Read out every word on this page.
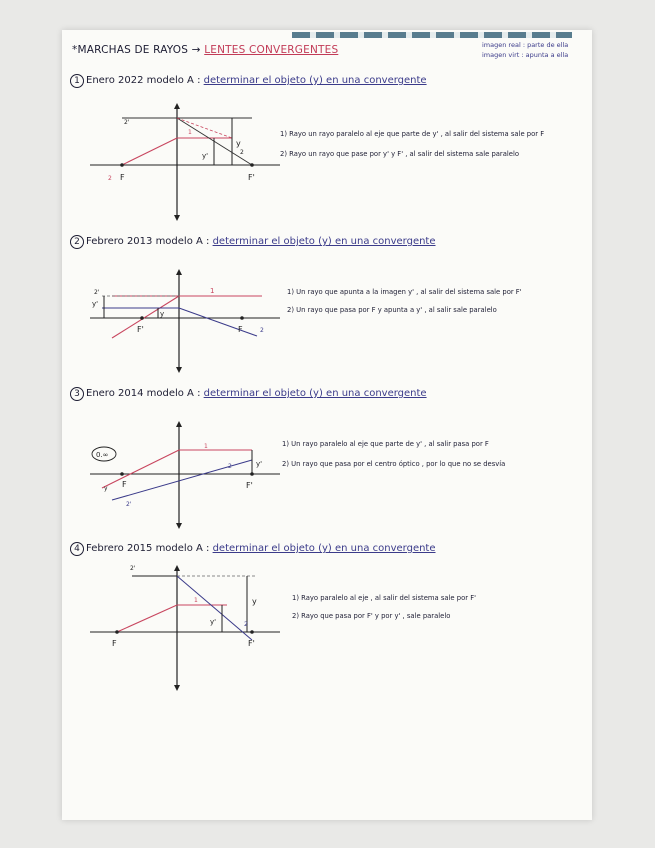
*MARCHAS DE RAYOS → LENTES CONVERGENTES	imagen real : parte de ella
imagen virt : apunta a ella
1 Enero 2022 modelo A : determinar el objeto (y) en una convergente
2'
1
y
2
y'
2 F	F'
1) Rayo un rayo paralelo al eje que parte de y' , al salir del sistema sale por F
2) Rayo un rayo que pase por y' y F' , al salir del sistema sale paralelo
2 Febrero 2013 modelo A : determinar el objeto (y) en una convergente
2'
y'
y
1
2
F'	F
1) Un rayo que apunta a la imagen y' , al salir del sistema sale por F'
2) Un rayo que pasa por F y apunta a y' , al salir sale paralelo
3 Enero 2014 modelo A : determinar el objeto (y) en una convergente
0.∞
1
2	y'
y F	F'
2'
1) Un rayo paralelo al eje que parte de y' , al salir pasa por F
2) Un rayo que pasa por el centro óptico , por lo que no se desvía
4 Febrero 2015 modelo A : determinar el objeto (y) en una convergente
2'
1	y
y'	2
F	F'
1) Rayo paralelo al eje , al salir del sistema sale por F'
2) Rayo que pasa por F' y por y' , sale paralelo
